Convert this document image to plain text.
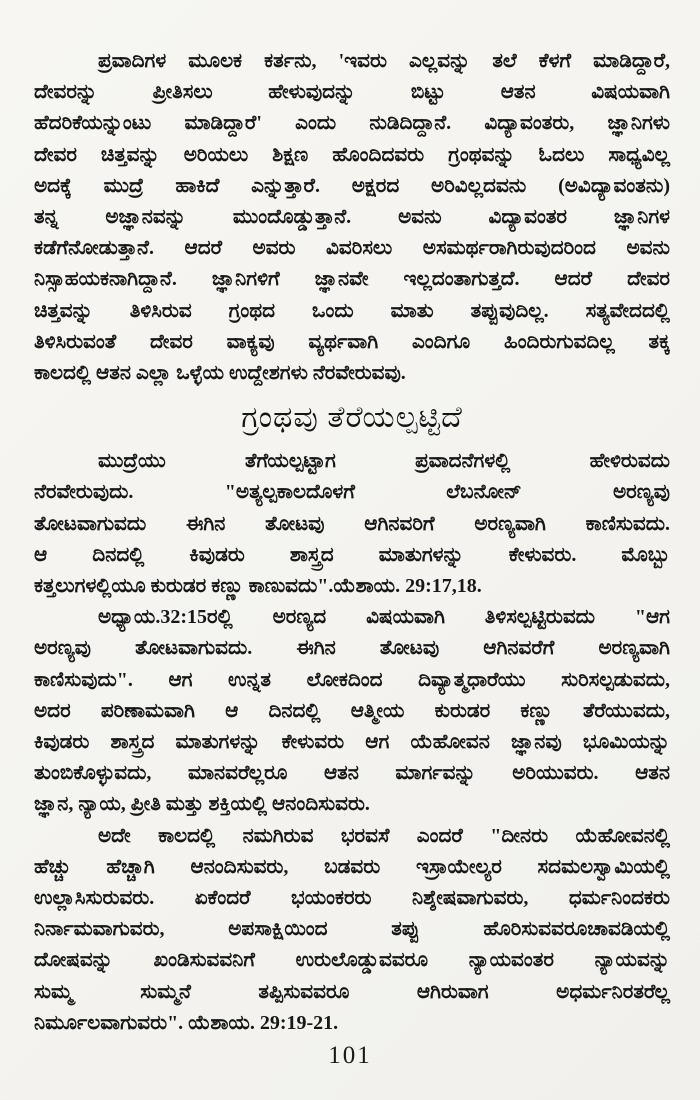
ಪ್ರವಾದಿಗಳ ಮೂಲಕ ಕರ್ತನು, 'ಇವರು ಎಲ್ಲವನ್ನು ತಲೆ ಕೆಳಗೆ ಮಾಡಿದ್ದಾರೆ,
ದೇವರನ್ನು ಪ್ರೀತಿಸಲು ಹೇಳುವುದನ್ನು ಬಿಟ್ಟು ಆತನ ವಿಷಯವಾಗಿ
ಹೆದರಿಕೆಯನ್ನುಂಟು ಮಾಡಿದ್ದಾರೆ' ಎಂದು ನುಡಿದಿದ್ದಾನೆ. ವಿದ್ಯಾವಂತರು, ಜ್ಞಾನಿಗಳು
ದೇವರ ಚಿತ್ತವನ್ನು ಅರಿಯಲು ಶಿಕ್ಷಣ ಹೊಂದಿದವರು ಗ್ರಂಥವನ್ನು ಓದಲು ಸಾಧ್ಯವಿಲ್ಲ
ಅದಕ್ಕೆ ಮುದ್ರೆ ಹಾಕಿದೆ ಎನ್ನುತ್ತಾರೆ. ಅಕ್ಷರದ ಅರಿವಿಲ್ಲದವನು (ಅವಿದ್ಯಾವಂತನು)
ತನ್ನ ಅಜ್ಞಾನವನ್ನು ಮುಂದೊಡ್ಡುತ್ತಾನೆ. ಅವನು ವಿದ್ಯಾವಂತರ ಜ್ಞಾನಿಗಳ
ಕಡೆಗೆನೋಡುತ್ತಾನೆ. ಆದರೆ ಅವರು ವಿವರಿಸಲು ಅಸಮರ್ಥರಾಗಿರುವುದರಿಂದ ಅವನು
ನಿಸ್ಸಾಹಯಕನಾಗಿದ್ದಾನೆ. ಜ್ಞಾನಿಗಳಿಗೆ ಜ್ಞಾನವೇ ಇಲ್ಲದಂತಾಗುತ್ತದೆ. ಆದರೆ ದೇವರ
ಚಿತ್ತವನ್ನು ತಿಳಿಸಿರುವ ಗ್ರಂಥದ ಒಂದು ಮಾತು ತಪ್ಪುವುದಿಲ್ಲ. ಸತ್ಯವೇದದಲ್ಲಿ
ತಿಳಿಸಿರುವಂತೆ ದೇವರ ವಾಕ್ಯವು ವ್ಯರ್ಥವಾಗಿ ಎಂದಿಗೂ ಹಿಂದಿರುಗುವದಿಲ್ಲ ತಕ್ಕ
ಕಾಲದಲ್ಲಿ ಆತನ ಎಲ್ಲಾ ಒಳ್ಳೆಯ ಉದ್ದೇಶಗಳು ನೆರವೇರುವವು.
ಗ್ರಂಥವು ತೆರೆಯಲ್ಪಟ್ಟಿದೆ
ಮುದ್ರೆಯು ತೆಗೆಯಲ್ಪಟ್ಟಾಗ ಪ್ರವಾದನೆಗಳಲ್ಲಿ ಹೇಳಿರುವದು
ನೆರವೇರುವುದು. "ಅತ್ಯಲ್ಪಕಾಲದೊಳಗೆ ಲೆಬನೋನ್ ಅರಣ್ಯವು
ತೋಟವಾಗುವದು ಈಗಿನ ತೋಟವು ಆಗಿನವರಿಗೆ ಅರಣ್ಯವಾಗಿ ಕಾಣಿಸುವದು.
ಆ ದಿನದಲ್ಲಿ ಕಿವುಡರು ಶಾಸ್ತ್ರದ ಮಾತುಗಳನ್ನು ಕೇಳುವರು. ಮೊಬ್ಬು
ಕತ್ತಲುಗಳಲ್ಲಿಯೂ ಕುರುಡರ ಕಣ್ಣು ಕಾಣುವದು".ಯೆಶಾಯ. 29:17,18.
ಅಧ್ಯಾಯ.32:15ರಲ್ಲಿ ಅರಣ್ಯದ ವಿಷಯವಾಗಿ ತಿಳಿಸಲ್ಪಟ್ಟಿರುವದು "ಆಗ
ಅರಣ್ಯವು ತೋಟವಾಗುವದು. ಈಗಿನ ತೋಟವು ಆಗಿನವರೆಗೆ ಅರಣ್ಯವಾಗಿ
ಕಾಣಿಸುವುದು". ಆಗ ಉನ್ನತ ಲೋಕದಿಂದ ದಿವ್ಯಾತ್ಮಧಾರೆಯು ಸುರಿಸಲ್ಪಡುವದು,
ಅದರ ಪರಿಣಾಮವಾಗಿ ಆ ದಿನದಲ್ಲಿ ಆತ್ಮೀಯ ಕುರುಡರ ಕಣ್ಣು ತೆರೆಯುವದು,
ಕಿವುಡರು ಶಾಸ್ತ್ರದ ಮಾತುಗಳನ್ನು ಕೇಳುವರು ಆಗ ಯೆಹೋವನ ಜ್ಞಾನವು ಭೂಮಿಯನ್ನು
ತುಂಬಿಕೊಳ್ಳುವದು, ಮಾನವರೆಲ್ಲರೂ ಆತನ ಮಾರ್ಗವನ್ನು ಅರಿಯುವರು. ಆತನ
ಜ್ಞಾನ, ನ್ಯಾಯ, ಪ್ರೀತಿ ಮತ್ತು ಶಕ್ತಿಯಲ್ಲಿ ಆನಂದಿಸುವರು.
ಅದೇ ಕಾಲದಲ್ಲಿ ನಮಗಿರುವ ಭರವಸೆ ಎಂದರೆ "ದೀನರು ಯೆಹೋವನಲ್ಲಿ
ಹೆಚ್ಚು ಹೆಚ್ಚಾಗಿ ಆನಂದಿಸುವರು, ಬಡವರು ಇಸ್ರಾಯೇಲ್ಯರ ಸದಮಲಸ್ವಾಮಿಯಲ್ಲಿ
ಉಲ್ಲಾಸಿಸುರುವರು. ಏಕೆಂದರೆ ಭಯಂಕರರು ನಿಶ್ಶೇಷವಾಗುವರು, ಧರ್ಮನಿಂದಕರು
ನಿರ್ನಾಮವಾಗುವರು, ಅಪಸಾಕ್ಷಿಯಿಂದ ತಪ್ಪು ಹೊರಿಸುವವರೂಚಾವಡಿಯಲ್ಲಿ
ದೋಷವನ್ನು ಖಂಡಿಸುವವನಿಗೆ ಉರುಲೊಡ್ಡುವವರೂ ನ್ಯಾಯವಂತರ ನ್ಯಾಯವನ್ನು
ಸುಮ್ಮ ಸುಮ್ಮನೆ ತಪ್ಪಿಸುವವರೂ ಆಗಿರುವಾಗ ಅಧರ್ಮನಿರತರೆಲ್ಲ
ನಿರ್ಮೂಲವಾಗುವರು". ಯೆಶಾಯ. 29:19-21.
101
